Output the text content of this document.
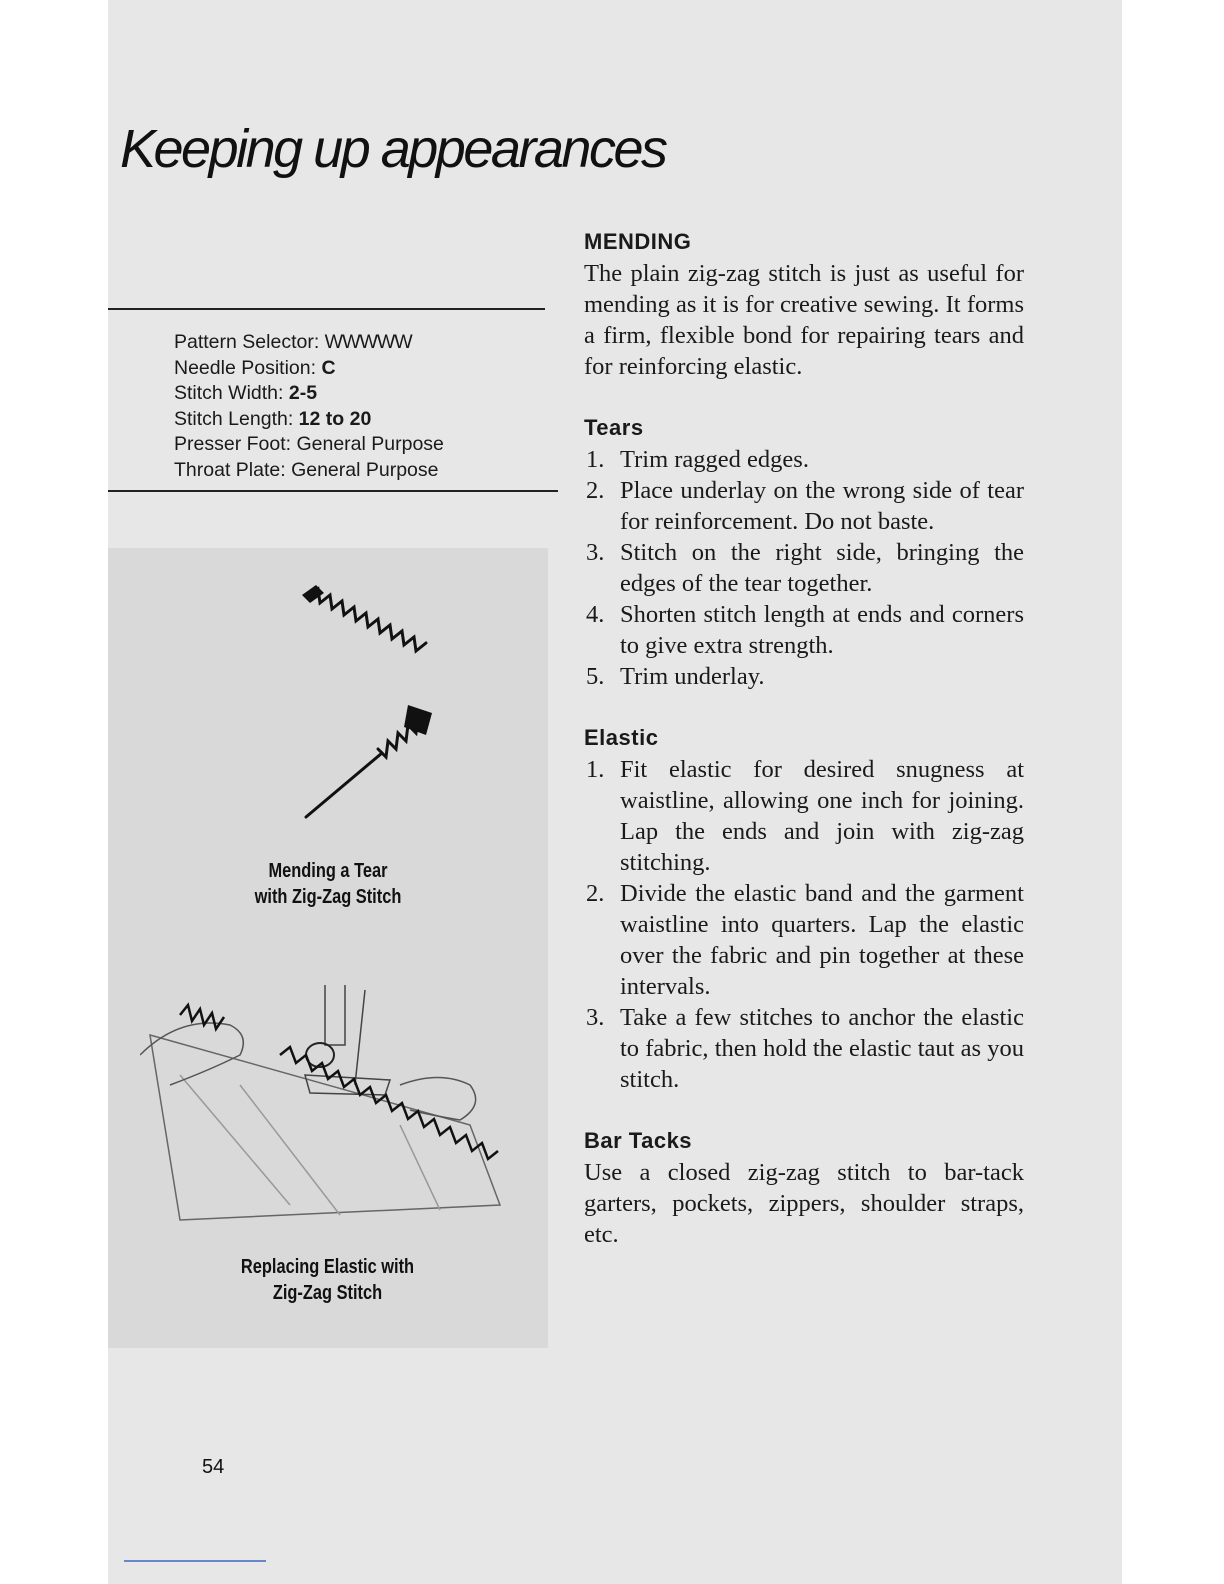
Keeping up appearances
Pattern Selector: WWWWW
Needle Position: C
Stitch Width: 2-5
Stitch Length: 12 to 20
Presser Foot: General Purpose
Throat Plate: General Purpose
Mending a Tear
with Zig-Zag Stitch
Replacing Elastic with
Zig-Zag Stitch
MENDING

The plain zig-zag stitch is just as useful for mending as it is for creative sewing. It forms a firm, flexible bond for repairing tears and for reinforcing elastic.

Tears
1. Trim ragged edges.
2. Place underlay on the wrong side of tear for reinforcement. Do not baste.
3. Stitch on the right side, bringing the edges of the tear together.
4. Shorten stitch length at ends and corners to give extra strength.
5. Trim underlay.
Elastic
1. Fit elastic for desired snugness at waistline, allowing one inch for joining. Lap the ends and join with zig-zag stitching.
2. Divide the elastic band and the garment waistline into quarters. Lap the elastic over the fabric and pin together at these intervals.
3. Take a few stitches to anchor the elastic to fabric, then hold the elastic taut as you stitch.
Bar Tacks

Use a closed zig-zag stitch to bar-tack garters, pockets, zippers, shoulder straps, etc.

54
